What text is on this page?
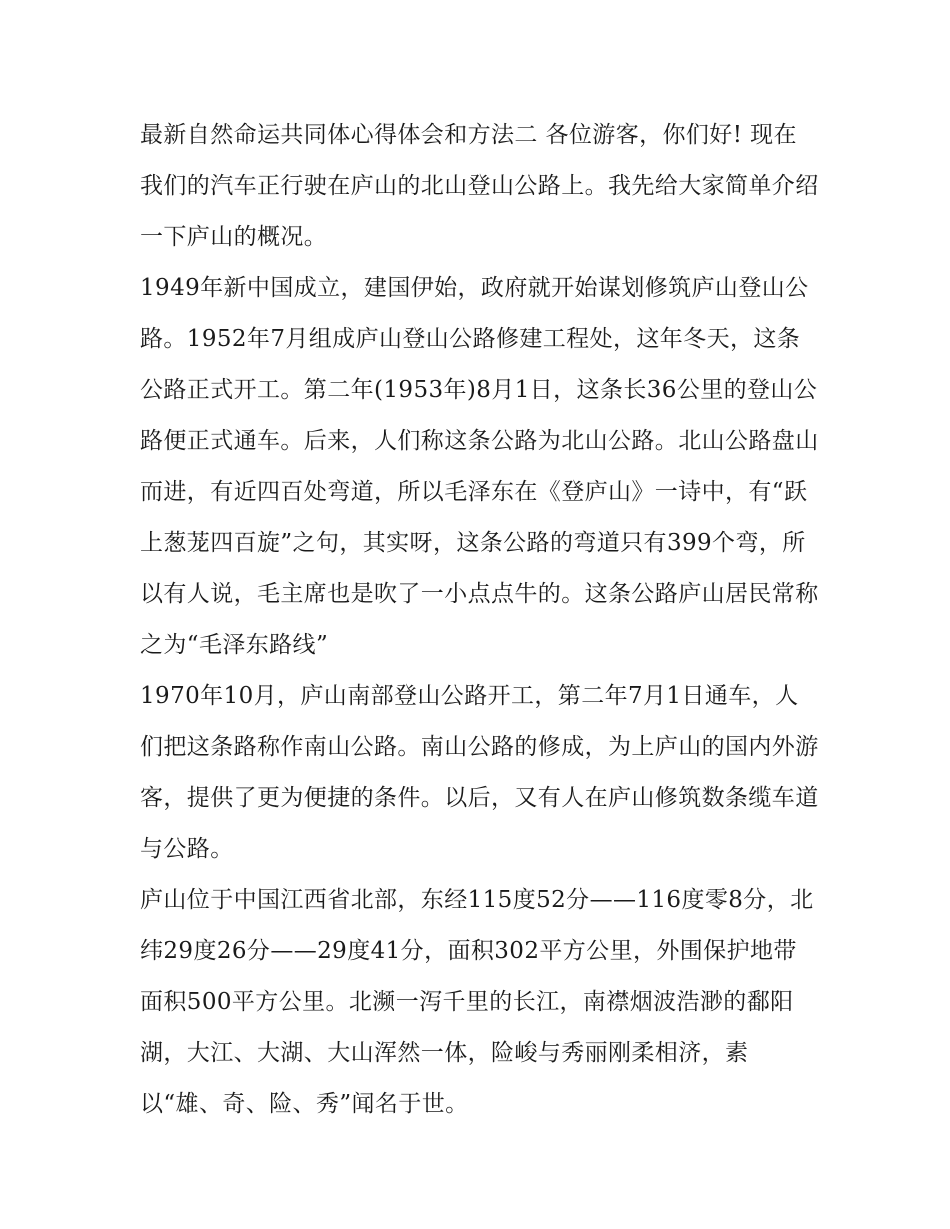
最新自然命运共同体心得体会和方法二 各位游客，你们好! 现在我们的汽车正行驶在庐山的北山登山公路上。我先给大家简单介绍一下庐山的概况。

1949年新中国成立，建国伊始，政府就开始谋划修筑庐山登山公路。1952年7月组成庐山登山公路修建工程处，这年冬天，这条公路正式开工。第二年(1953年)8月1日，这条长36公里的登山公路便正式通车。后来，人们称这条公路为北山公路。北山公路盘山而进，有近四百处弯道，所以毛泽东在《登庐山》一诗中，有“跃上葱茏四百旋”之句，其实呀，这条公路的弯道只有399个弯，所以有人说，毛主席也是吹了一小点点牛的。这条公路庐山居民常称之为“毛泽东路线”

1970年10月，庐山南部登山公路开工，第二年7月1日通车，人们把这条路称作南山公路。南山公路的修成，为上庐山的国内外游客，提供了更为便捷的条件。以后，又有人在庐山修筑数条缆车道与公路。

庐山位于中国江西省北部，东经115度52分——116度零8分，北纬29度26分——29度41分，面积302平方公里，外围保护地带面积500平方公里。北濒一泻千里的长江，南襟烟波浩渺的鄱阳湖，大江、大湖、大山浑然一体，险峻与秀丽刚柔相济，素以“雄、奇、险、秀”闻名于世。
